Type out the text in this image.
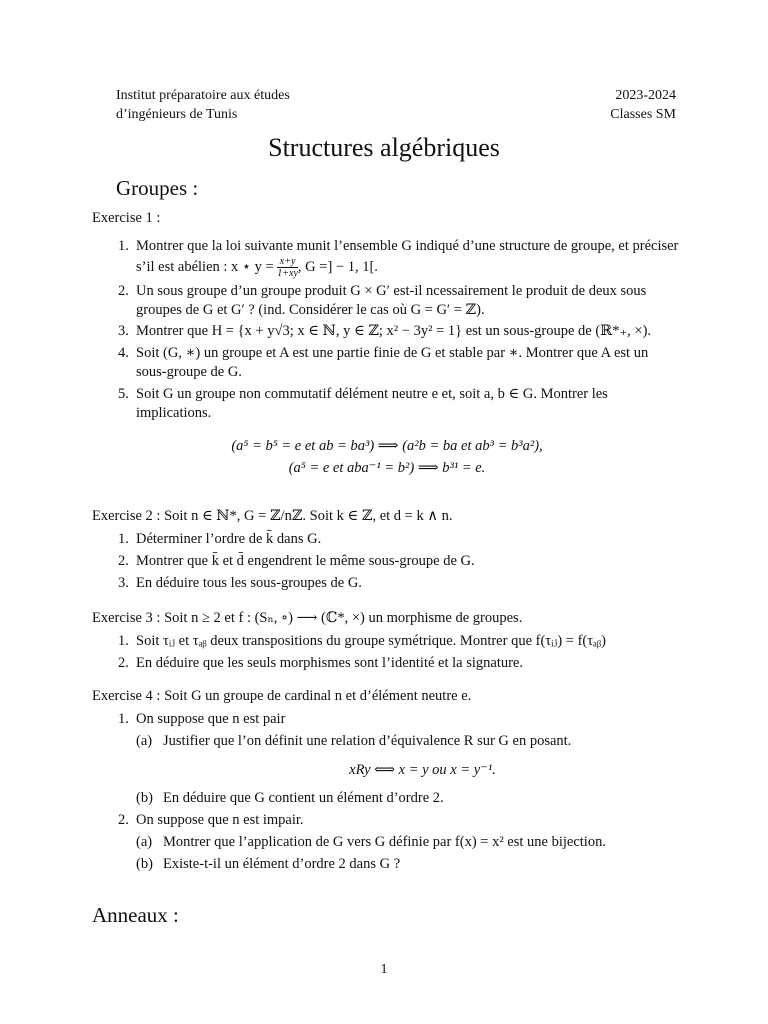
Institut préparatoire aux études
d’ingénieurs de Tunis
2023-2024
Classes SM
Structures algébriques
Groupes :
Exercise 1 :
1. Montrer que la loi suivante munit l’ensemble G indiqué d’une structure de groupe, et préciser s’il est abélien : x ⋆ $y = \frac{x+y}{1+xy}$ , G =] − 1, 1[.
2. Un sous groupe d’un groupe produit G × G′ est-il ncessairement le produit de deux sous groupes de G et G′ ? (ind. Considérer le cas où G = G′ = ℤ).
3. Montrer que H = {x + y√3; x ∈ ℕ, y ∈ ℤ; x² − 3y² = 1} est un sous-groupe de (ℝ*₊, ×).
4. Soit (G, ∗) un groupe et A est une partie finie de G et stable par ∗. Montrer que A est un sous-groupe de G.
5. Soit G un groupe non commutatif délément neutre e et, soit a, b ∈ G. Montrer les implications.
(a⁵ = b⁵ = e et ab = ba³) ⟹ (a²b = ba et ab³ = b³a²),
(a⁵ = e et aba⁻¹ = b²) ⟹ b³¹ = e.
Exercise 2 : Soit n ∈ ℕ*, G = ℤ/nℤ. Soit k ∈ ℤ, et d = k ∧ n.
1. Déterminer l’ordre de k̄ dans G.
2. Montrer que k̄ et d̄ engendrent le même sous-groupe de G.
3. En déduire tous les sous-groupes de G.
Exercise 3 : Soit n ≥ 2 et f : (Sₙ, ∘) ⟶ (ℂ*, ×) un morphisme de groupes.
1. Soit τᵢⱼ et τₐᵦ deux transpositions du groupe symétrique. Montrer que f(τᵢⱼ) = f(τₐᵦ)
2. En déduire que les seuls morphismes sont l’identité et la signature.
Exercise 4 : Soit G un groupe de cardinal n et d’élément neutre e.
1. On suppose que n est pair
(a) Justifier que l’on définit une relation d’équivalence R sur G en posant.
xRy ⟺ x = y ou x = y⁻¹.
(b) En déduire que G contient un élément d’ordre 2.
2. On suppose que n est impair.
(a) Montrer que l’application de G vers G définie par f(x) = x² est une bijection.
(b) Existe-t-il un élément d’ordre 2 dans G ?
Anneaux :
1
